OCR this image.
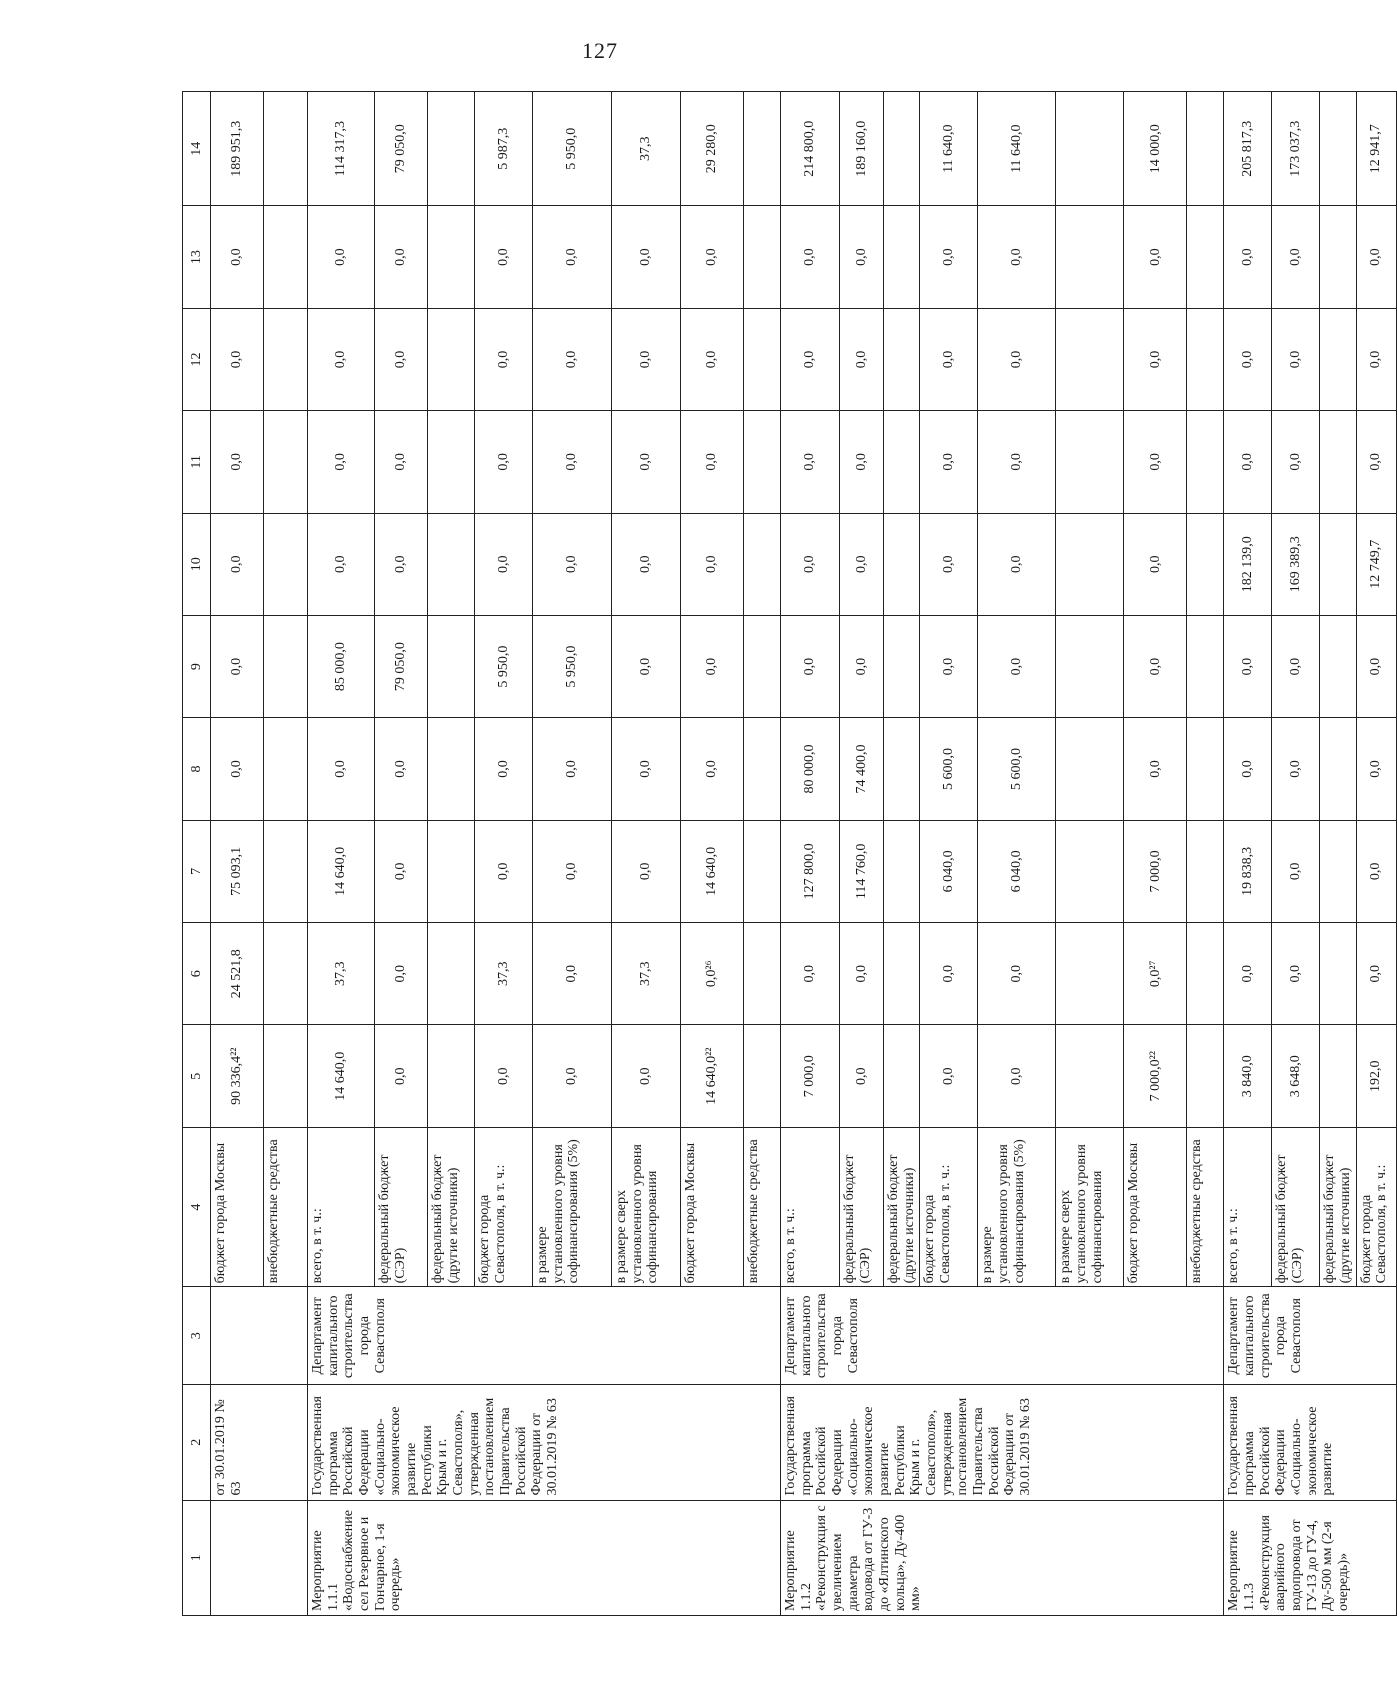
127
1	2	3	4	5	6	7	8	9	10	11	12	13	14
	от 30.01.2019 № 63		бюджет города Москвы	90 336,4²²	24 521,8	75 093,1	0,0	0,0	0,0	0,0	0,0	0,0	189 951,3
			внебюджетные средства										
Мероприятие 1.1.1 «Водоснабжение сел Резервное и Гончарное, 1-я очередь»	Государственная программа Российской Федерации «Социально-экономическое развитие Республики Крым и г. Севастополя», утвержденная постановлением Правительства Российской Федерации от 30.01.2019 № 63	Департамент капитального строительства города Севастополя	всего, в т. ч.:	14 640,0	37,3	14 640,0	0,0	85 000,0	0,0	0,0	0,0	0,0	114 317,3
			федеральный бюджет (СЭР)	0,0	0,0	0,0	0,0	79 050,0	0,0	0,0	0,0	0,0	79 050,0
			федеральный бюджет (другие источники)										
			бюджет города Севастополя, в т. ч.:	0,0	37,3	0,0	0,0	5 950,0	0,0	0,0	0,0	0,0	5 987,3
			в размере установленного уровня софинансирования (5%)	0,0	0,0	0,0	0,0	5 950,0	0,0	0,0	0,0	0,0	5 950,0
			в размере сверх установленного уровня софинансирования	0,0	37,3	0,0	0,0	0,0	0,0	0,0	0,0	0,0	37,3
			бюджет города Москвы	14 640,0²²	0,0²⁶	14 640,0	0,0	0,0	0,0	0,0	0,0	0,0	29 280,0
			внебюджетные средства										
Мероприятие 1.1.2 «Реконструкция с увеличением диаметра водовода от ГУ-3 до «Ялтинского кольца», Ду-400 мм»	Государственная программа Российской Федерации «Социально-экономическое развитие Республики Крым и г. Севастополя», утвержденная постановлением Правительства Российской Федерации от 30.01.2019 № 63	Департамент капитального строительства города Севастополя	всего, в т. ч.:	7 000,0	0,0	127 800,0	80 000,0	0,0	0,0	0,0	0,0	0,0	214 800,0
			федеральный бюджет (СЭР)	0,0	0,0	114 760,0	74 400,0	0,0	0,0	0,0	0,0	0,0	189 160,0
			федеральный бюджет (другие источники)										
			бюджет города Севастополя, в т. ч.:	0,0	0,0	6 040,0	5 600,0	0,0	0,0	0,0	0,0	0,0	11 640,0
			в размере установленного уровня софинансирования (5%)	0,0	0,0	6 040,0	5 600,0	0,0	0,0	0,0	0,0	0,0	11 640,0
			в размере сверх установленного уровня софинансирования										
			бюджет города Москвы	7 000,0²²	0,0²⁷	7 000,0	0,0	0,0	0,0	0,0	0,0	0,0	14 000,0
			внебюджетные средства										
Мероприятие 1.1.3 «Реконструкция аварийного водопровода от ГУ-13 до ГУ-4, Ду-500 мм (2-я очередь)»	Государственная программа Российской Федерации «Социально-экономическое развитие	Департамент капитального строительства города Севастополя	всего, в т. ч.:	3 840,0	0,0	19 838,3	0,0	0,0	182 139,0	0,0	0,0	0,0	205 817,3
			федеральный бюджет (СЭР)	3 648,0	0,0	0,0	0,0	0,0	169 389,3	0,0	0,0	0,0	173 037,3
			федеральный бюджет (другие источники)										
			бюджет города Севастополя, в т. ч.:	192,0	0,0	0,0	0,0	0,0	12 749,7	0,0	0,0	0,0	12 941,7
